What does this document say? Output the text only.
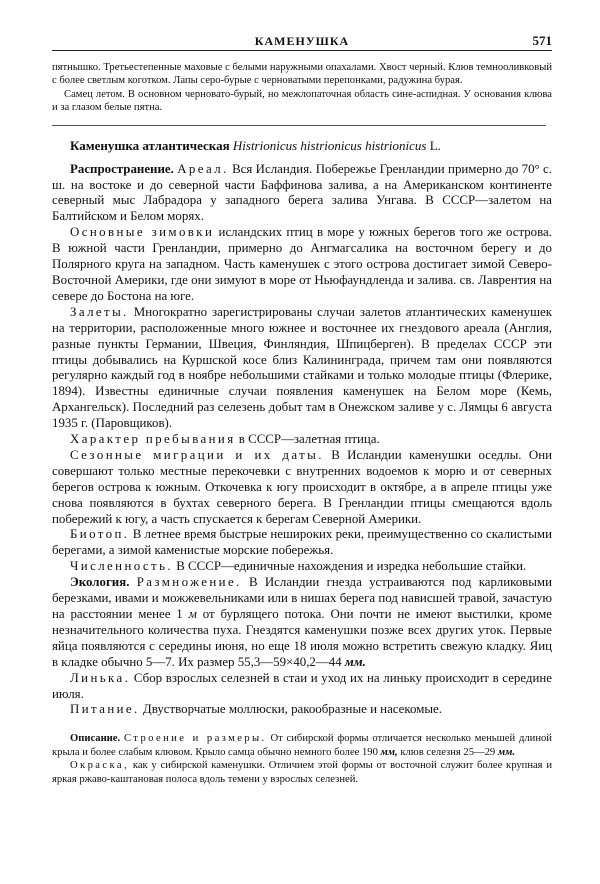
КАМЕНУШКА	571

пятнышко. Третьестепенные маховые с белыми наружными опахалами. Хвост черный. Клюв темнооливковый с более светлым коготком. Лапы серо-бурые с черноватыми перепонками, радужина бурая.

Самец летом. В основном черновато-бурый, но межлопаточная область сине-аспидная. У основания клюва и за глазом белые пятна.

Каменушка атлантическая Histrionicus histrionicus histrionicus L.

Распространение. Ареал. Вся Исландия. Побережье Гренландии примерно до 70° с. ш. на востоке и до северной части Баффинова залива, а на Американском континенте северный мыс Лабрадора у западного берега залива Унгава. В СССР—залетом на Балтийском и Белом морях.

Основные зимовки исландских птиц в море у южных берегов того же острова. В южной части Гренландии, примерно до Ангмагсалика на восточном берегу и до Полярного круга на западном. Часть каменушек с этого острова достигает зимой Северо-Восточной Америки, где они зимуют в море от Ньюфаундленда и залива. св. Лаврентия на севере до Бостона на юге.

Залеты. Многократно зарегистрированы случаи залетов атлантических каменушек на территории, расположенные много южнее и восточнее их гнездового ареала (Англия, разные пункты Германии, Швеция, Финляндия, Шпицберген). В пределах СССР эти птицы добывались на Куршской косе близ Калининграда, причем там они появляются регулярно каждый год в ноябре небольшими стайками и только молодые птицы (Флерике, 1894). Известны единичные случаи появления каменушек на Белом море (Кемь, Архангельск). Последний раз селезень добыт там в Онежском заливе у с. Лямцы 6 августа 1935 г. (Паровщиков).

Характер пребывания в СССР—залетная птица.

Сезонные миграции и их даты. В Исландии каменушки оседлы. Они совершают только местные перекочевки с внутренних водоемов к морю и от северных берегов острова к южным. Откочевка к югу происходит в октябре, а в апреле птицы уже снова появляются в бухтах северного берега. В Гренландии птицы смещаются вдоль побережий к югу, а часть спускается к берегам Северной Америки.

Биотоп. В летнее время быстрые нешироких реки, преимущественно со скалистыми берегами, а зимой каменистые морские побережья.

Численность. В СССР—единичные нахождения и изредка небольшие стайки.

Экология. Размножение. В Исландии гнезда устраиваются под карликовыми березками, ивами и можжевельниками или в нишах берега под нависшей травой, зачастую на расстоянии менее 1 м от бурлящего потока. Они почти не имеют выстилки, кроме незначительного количества пуха. Гнездятся каменушки позже всех других уток. Первые яйца появляются с середины июня, но еще 18 июля можно встретить свежую кладку. Яиц в кладке обычно 5—7. Их размер 55,3—59×40,2—44 мм.

Линька. Сбор взрослых селезней в стаи и уход их на линьку происходит в середине июля.

Питание. Двустворчатые моллюски, ракообразные и насекомые.

Описание. Строение и размеры. От сибирской формы отличается несколько меньшей длиной крыла и более слабым клювом. Крыло самца обычно немного более 190 мм, клюв селезня 25—29 мм.

Окраска, как у сибирской каменушки. Отличием этой формы от восточной служит более крупная и яркая ржаво-каштановая полоса вдоль темени у взрослых селезней.
